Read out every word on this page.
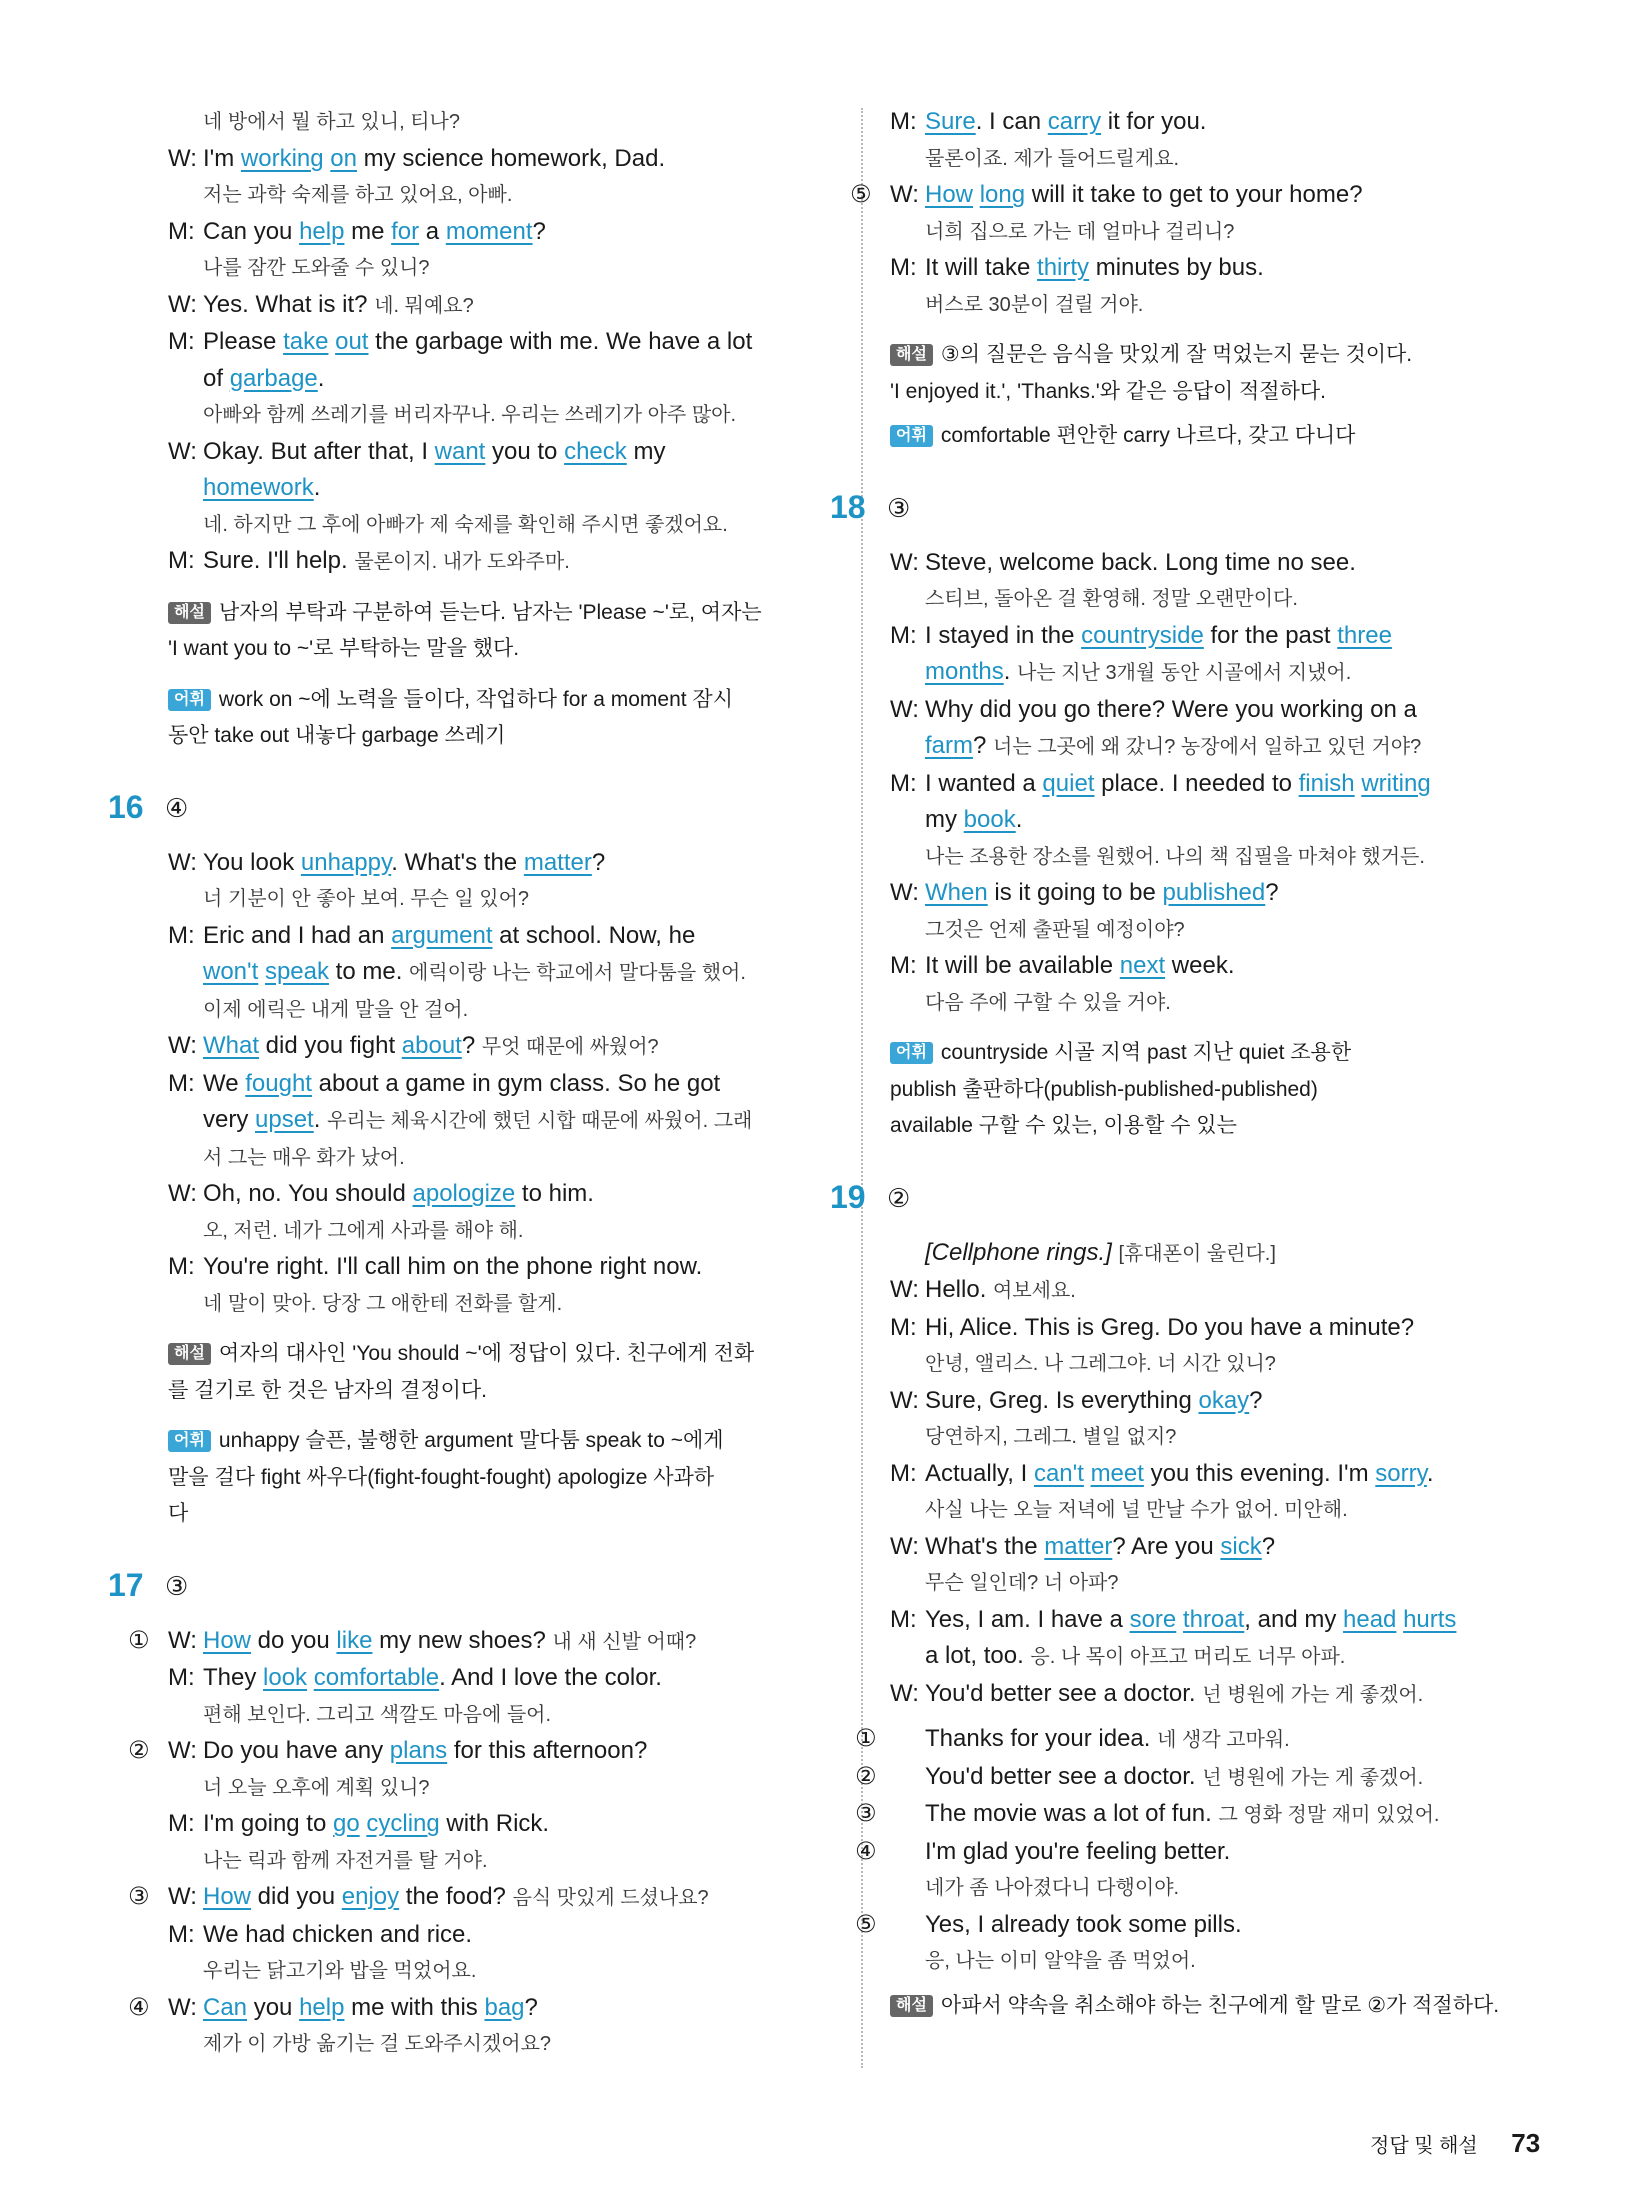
네 방에서 뭘 하고 있니, 티나?
W: I'm working on my science homework, Dad.
저는 과학 숙제를 하고 있어요, 아빠.
M: Can you help me for a moment?
나를 잠깐 도와줄 수 있니?
W: Yes. What is it? 네. 뭐예요?
M: Please take out the garbage with me. We have a lot
of garbage.
아빠와 함께 쓰레기를 버리자꾸나. 우리는 쓰레기가 아주 많아.
W: Okay. But after that, I want you to check my
homework.
네. 하지만 그 후에 아빠가 제 숙제를 확인해 주시면 좋겠어요.
M: Sure. I'll help. 물론이지. 내가 도와주마.
해설 남자의 부탁과 구분하여 듣는다. 남자는 'Please ~'로, 여자는
'I want you to ~'로 부탁하는 말을 했다.
어휘 work on ~에 노력을 들이다, 작업하다 for a moment 잠시
동안 take out 내놓다 garbage 쓰레기
16 ④
W: You look unhappy. What's the matter?
너 기분이 안 좋아 보여. 무슨 일 있어?
M: Eric and I had an argument at school. Now, he
won't speak to me. 에릭이랑 나는 학교에서 말다툼을 했어.
이제 에릭은 내게 말을 안 걸어.
W: What did you fight about? 무엇 때문에 싸웠어?
M: We fought about a game in gym class. So he got
very upset. 우리는 체육시간에 했던 시합 때문에 싸웠어. 그래
서 그는 매우 화가 났어.
W: Oh, no. You should apologize to him.
오, 저런. 네가 그에게 사과를 해야 해.
M: You're right. I'll call him on the phone right now.
네 말이 맞아. 당장 그 애한테 전화를 할게.
해설 여자의 대사인 'You should ~'에 정답이 있다. 친구에게 전화
를 걸기로 한 것은 남자의 결정이다.
어휘 unhappy 슬픈, 불행한 argument 말다툼 speak to ~에게
말을 걸다 fight 싸우다(fight-fought-fought) apologize 사과하
다
17 ③
① W: How do you like my new shoes? 내 새 신발 어때?
M: They look comfortable. And I love the color.
편해 보인다. 그리고 색깔도 마음에 들어.
② W: Do you have any plans for this afternoon?
너 오늘 오후에 계획 있니?
M: I'm going to go cycling with Rick.
나는 릭과 함께 자전거를 탈 거야.
③ W: How did you enjoy the food? 음식 맛있게 드셨나요?
M: We had chicken and rice.
우리는 닭고기와 밥을 먹었어요.
④ W: Can you help me with this bag?
제가 이 가방 옮기는 걸 도와주시겠어요?
M: Sure. I can carry it for you.
물론이죠. 제가 들어드릴게요.
⑤ W: How long will it take to get to your home?
너희 집으로 가는 데 얼마나 걸리니?
M: It will take thirty minutes by bus.
버스로 30분이 걸릴 거야.
해설 ③의 질문은 음식을 맛있게 잘 먹었는지 묻는 것이다.
'I enjoyed it.', 'Thanks.'와 같은 응답이 적절하다.
어휘 comfortable 편안한 carry 나르다, 갖고 다니다
18 ③
W: Steve, welcome back. Long time no see.
스티브, 돌아온 걸 환영해. 정말 오랜만이다.
M: I stayed in the countryside for the past three
months. 나는 지난 3개월 동안 시골에서 지냈어.
W: Why did you go there? Were you working on a
farm? 너는 그곳에 왜 갔니? 농장에서 일하고 있던 거야?
M: I wanted a quiet place. I needed to finish writing
my book.
나는 조용한 장소를 원했어. 나의 책 집필을 마쳐야 했거든.
W: When is it going to be published?
그것은 언제 출판될 예정이야?
M: It will be available next week.
다음 주에 구할 수 있을 거야.
어휘 countryside 시골 지역 past 지난 quiet 조용한
publish 출판하다(publish-published-published)
available 구할 수 있는, 이용할 수 있는
19 ②
[Cellphone rings.] [휴대폰이 울린다.]
W: Hello. 여보세요.
M: Hi, Alice. This is Greg. Do you have a minute?
안녕, 앨리스. 나 그레그야. 너 시간 있니?
W: Sure, Greg. Is everything okay?
당연하지, 그레그. 별일 없지?
M: Actually, I can't meet you this evening. I'm sorry.
사실 나는 오늘 저녁에 널 만날 수가 없어. 미안해.
W: What's the matter? Are you sick?
무슨 일인데? 너 아파?
M: Yes, I am. I have a sore throat, and my head hurts
a lot, too. 응. 나 목이 아프고 머리도 너무 아파.
W: You'd better see a doctor. 넌 병원에 가는 게 좋겠어.
① Thanks for your idea. 네 생각 고마워.
② You'd better see a doctor. 넌 병원에 가는 게 좋겠어.
③ The movie was a lot of fun. 그 영화 정말 재미 있었어.
④ I'm glad you're feeling better.
네가 좀 나아졌다니 다행이야.
⑤ Yes, I already took some pills.
응, 나는 이미 알약을 좀 먹었어.
해설 아파서 약속을 취소해야 하는 친구에게 할 말로 ②가 적절하다.
정답 및 해설 73
